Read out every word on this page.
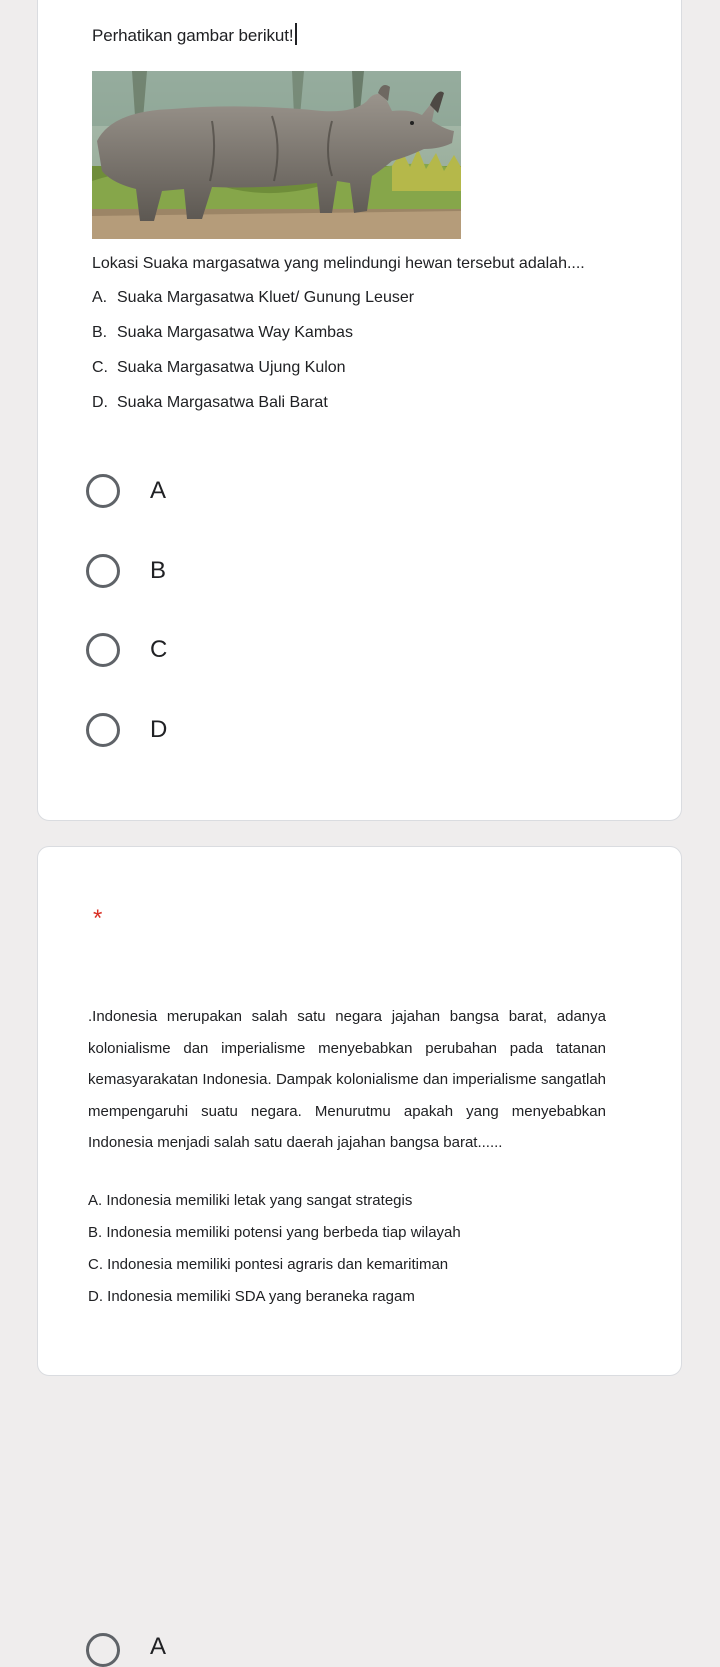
Perhatikan gambar berikut!
Lokasi Suaka margasatwa yang melindungi hewan tersebut adalah....
A. Suaka Margasatwa Kluet/ Gunung Leuser
B. Suaka Margasatwa Way Kambas
C. Suaka Margasatwa Ujung Kulon
D. Suaka Margasatwa Bali Barat
A
B
C
D
*
.Indonesia merupakan salah satu negara jajahan bangsa barat, adanya kolonialisme dan imperialisme menyebabkan perubahan pada tatanan kemasyarakatan Indonesia. Dampak kolonialisme dan imperialisme sangatlah mempengaruhi suatu negara. Menurutmu apakah yang menyebabkan Indonesia menjadi salah satu daerah jajahan bangsa barat......
A. Indonesia memiliki letak yang sangat strategis
B. Indonesia memiliki potensi yang berbeda tiap wilayah
C. Indonesia memiliki pontesi agraris dan kemaritiman
D. Indonesia memiliki SDA yang beraneka ragam
A
